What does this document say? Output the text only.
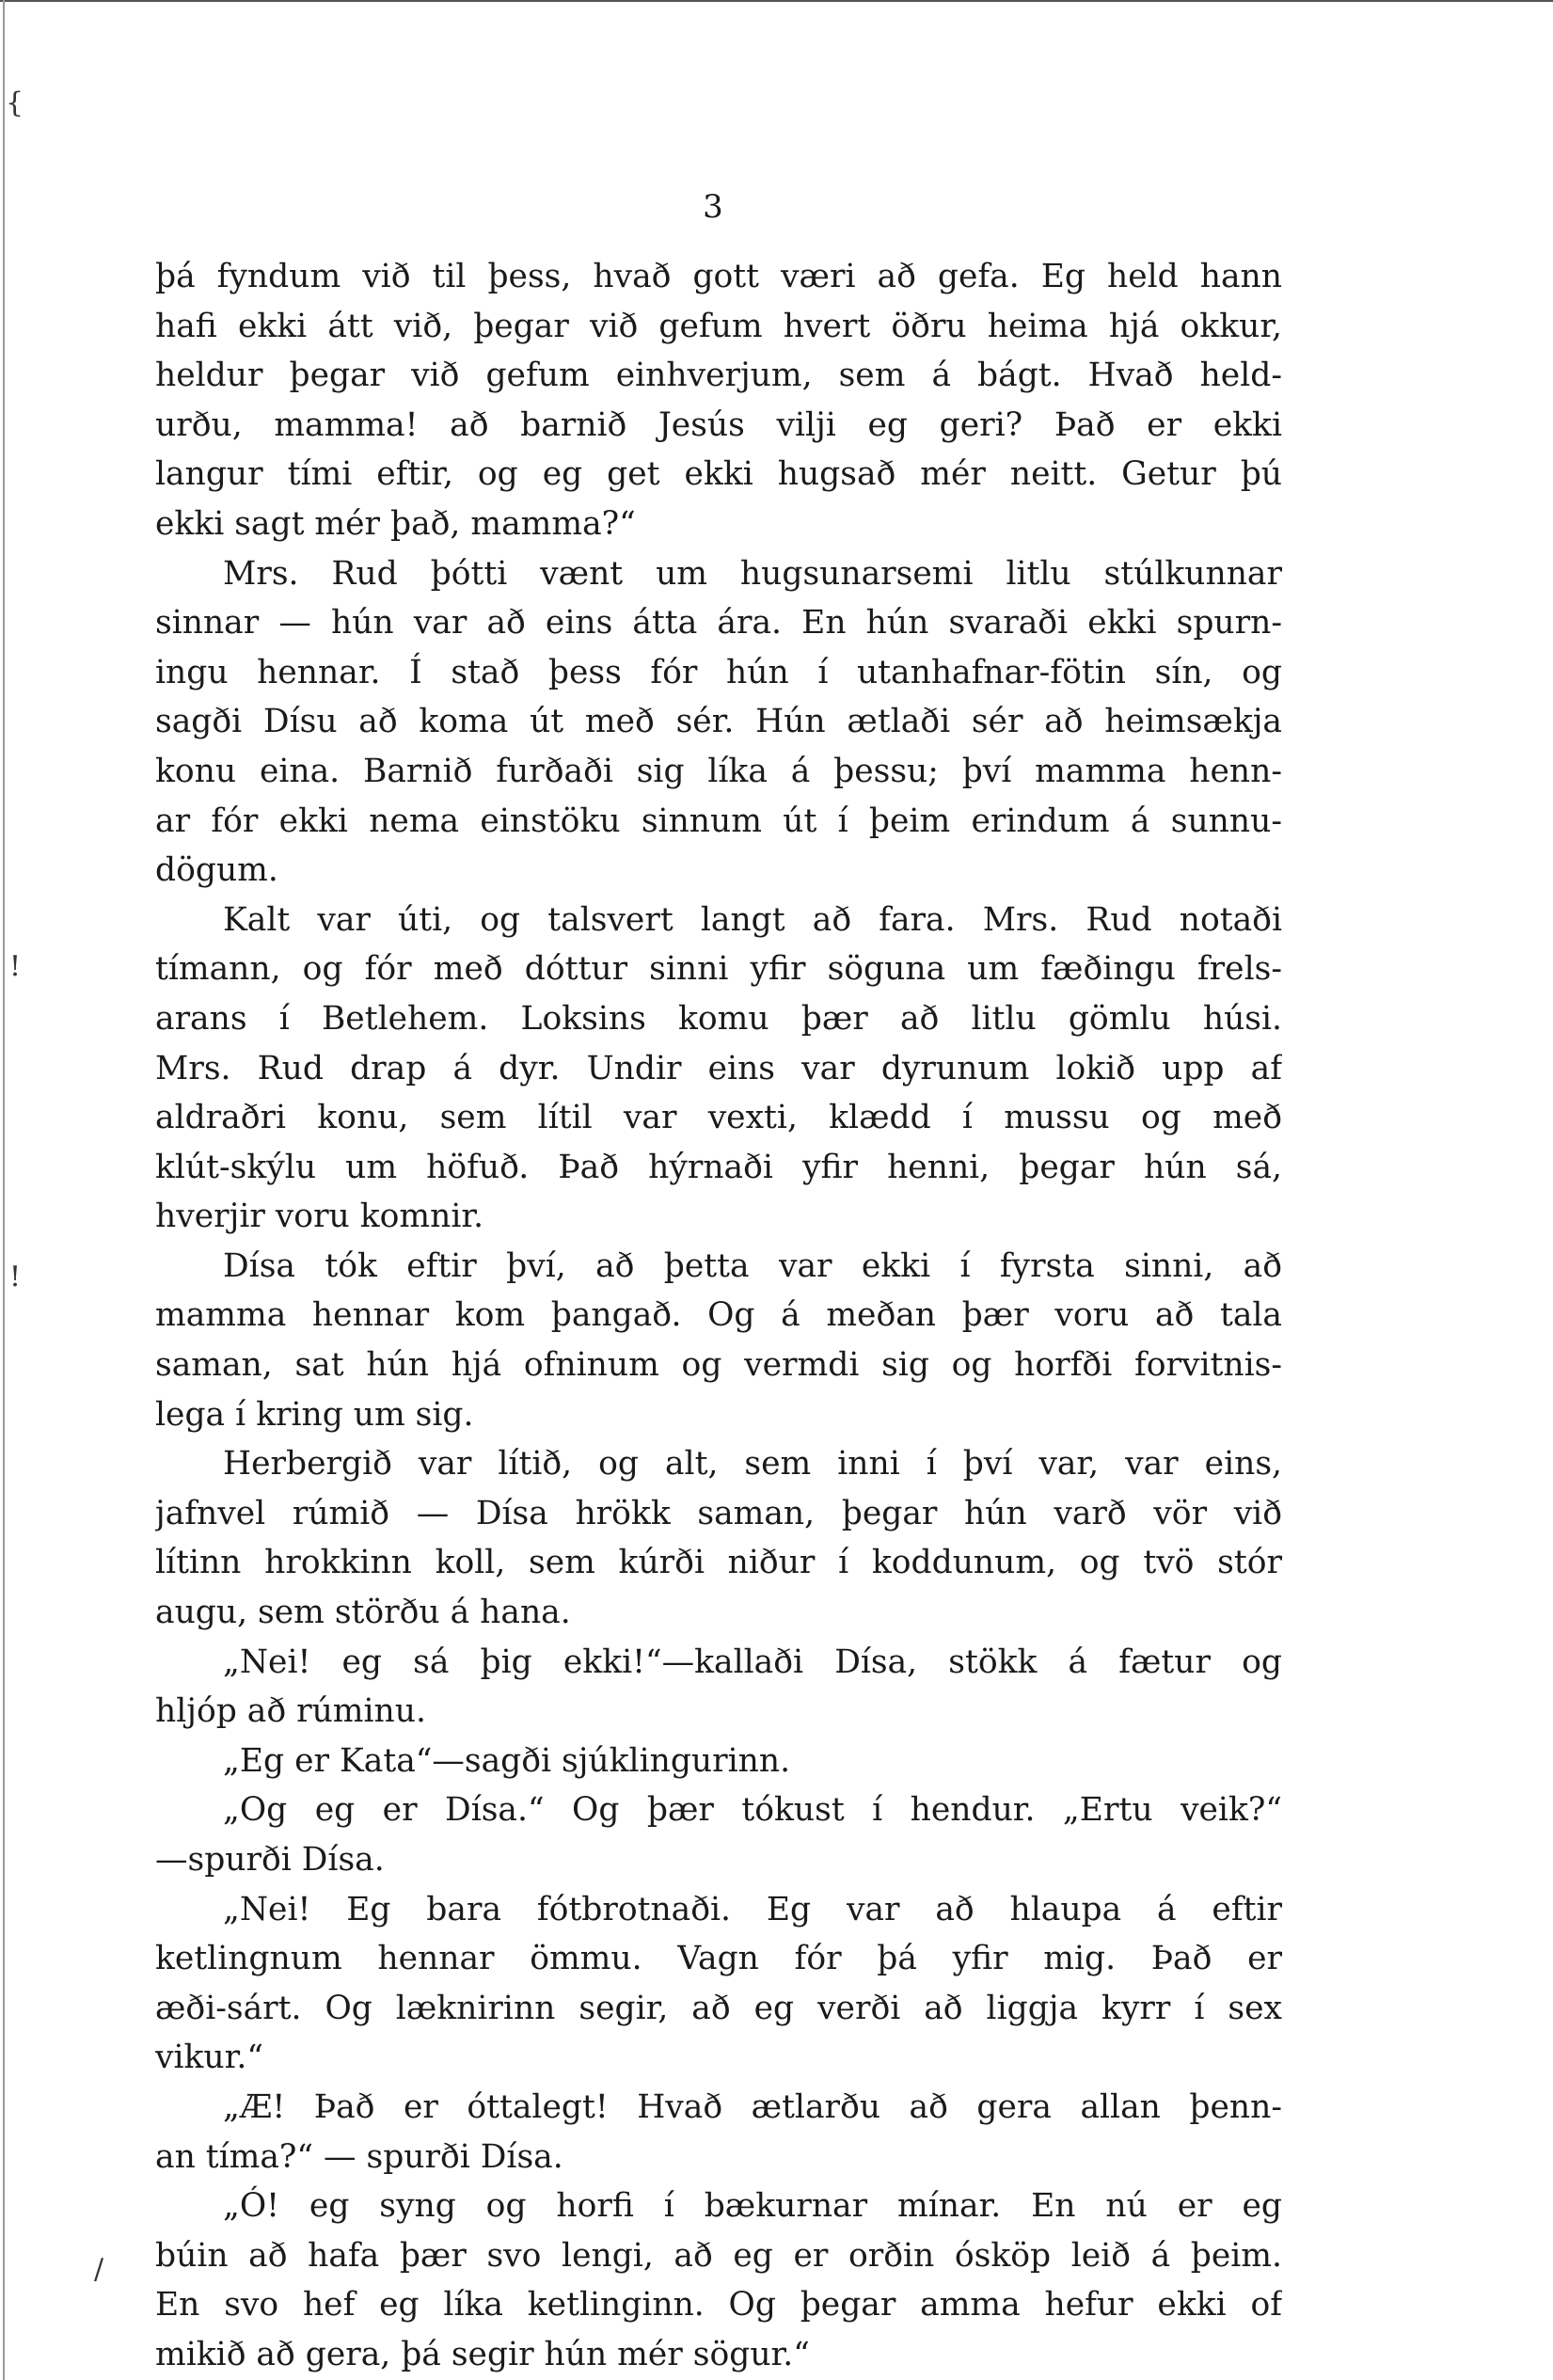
{
!
!
/
3
þá fyndum við til þess, hvað gott væri að gefa. Eg held hann
hafi ekki átt við, þegar við gefum hvert öðru heima hjá okkur,
heldur þegar við gefum einhverjum, sem á bágt. Hvað held-
urðu, mamma! að barnið Jesús vilji eg geri? Það er ekki
langur tími eftir, og eg get ekki hugsað mér neitt. Getur þú
ekki sagt mér það, mamma?“
Mrs. Rud þótti vænt um hugsunarsemi litlu stúlkunnar
sinnar — hún var að eins átta ára. En hún svaraði ekki spurn-
ingu hennar. Í stað þess fór hún í utanhafnar-fötin sín, og
sagði Dísu að koma út með sér. Hún ætlaði sér að heimsækja
konu eina. Barnið furðaði sig líka á þessu; því mamma henn-
ar fór ekki nema einstöku sinnum út í þeim erindum á sunnu-
dögum.
Kalt var úti, og talsvert langt að fara. Mrs. Rud notaði
tímann, og fór með dóttur sinni yfir söguna um fæðingu frels-
arans í Betlehem. Loksins komu þær að litlu gömlu húsi.
Mrs. Rud drap á dyr. Undir eins var dyrunum lokið upp af
aldraðri konu, sem lítil var vexti, klædd í mussu og með
klút-skýlu um höfuð. Það hýrnaði yfir henni, þegar hún sá,
hverjir voru komnir.
Dísa tók eftir því, að þetta var ekki í fyrsta sinni, að
mamma hennar kom þangað. Og á meðan þær voru að tala
saman, sat hún hjá ofninum og vermdi sig og horfði forvitnis-
lega í kring um sig.
Herbergið var lítið, og alt, sem inni í því var, var eins,
jafnvel rúmið — Dísa hrökk saman, þegar hún varð vör við
lítinn hrokkinn koll, sem kúrði niður í koddunum, og tvö stór
augu, sem störðu á hana.
„Nei! eg sá þig ekki!“—kallaði Dísa, stökk á fætur og
hljóp að rúminu.
„Eg er Kata“—sagði sjúklingurinn.
„Og eg er Dísa.“ Og þær tókust í hendur. „Ertu veik?“
—spurði Dísa.
„Nei! Eg bara fótbrotnaði. Eg var að hlaupa á eftir
ketlingnum hennar ömmu. Vagn fór þá yfir mig. Það er
æði-sárt. Og læknirinn segir, að eg verði að liggja kyrr í sex
vikur.“
„Æ! Það er óttalegt! Hvað ætlarðu að gera allan þenn-
an tíma?“ — spurði Dísa.
„Ó! eg syng og horfi í bækurnar mínar. En nú er eg
búin að hafa þær svo lengi, að eg er orðin ósköp leið á þeim.
En svo hef eg líka ketlinginn. Og þegar amma hefur ekki of
mikið að gera, þá segir hún mér sögur.“
